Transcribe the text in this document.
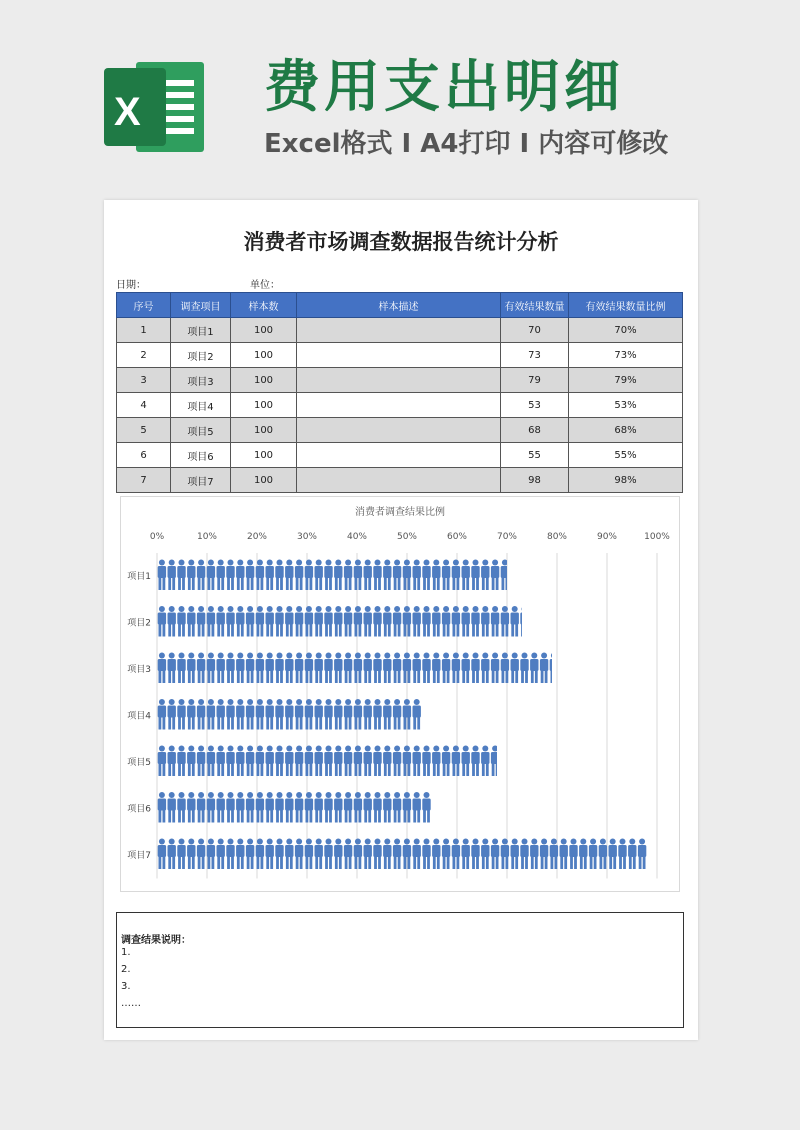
X 费用支出明细
Excel格式 I A4打印 I 内容可修改
消费者市场调查数据报告统计分析
日期：	单位：
序号	调查项目	样本数	样本描述	有效结果数量	有效结果数量比例
1	项目1	100		70	70%
2	项目2	100		73	73%
3	项目3	100		79	79%
4	项目4	100		53	53%
5	项目5	100		68	68%
6	项目6	100		55	55%
7	项目7	100		98	98%
消费者调查结果比例
0%	10%	20%	30%	40%	50%	60%	70%	80%	90%	100%
项目1
项目2
项目3
项目4
项目5
项目6
项目7
调查结果说明：
1.
2.
3.
……
